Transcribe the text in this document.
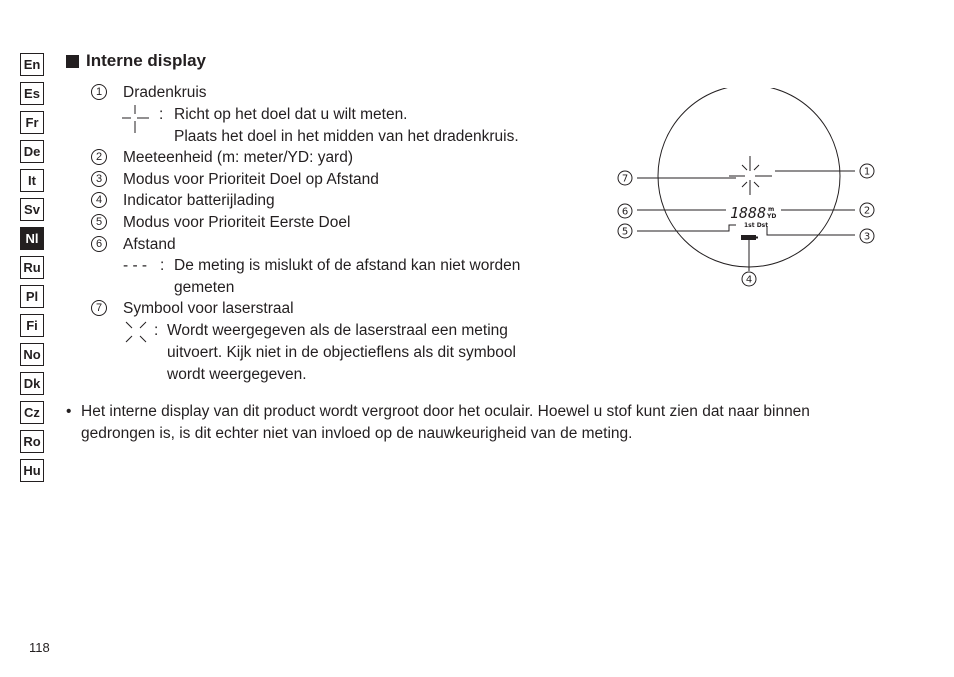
En
Es
Fr
De
It
Sv
Nl
Ru
Pl
Fi
No
Dk
Cz
Ro
Hu
Interne display
1	Dradenkruis
: Richt op het doel dat u wilt meten.
Plaats het doel in het midden van het dradenkruis.
2	Meeteenheid (m: meter/YD: yard)
3	Modus voor Prioriteit Doel op Afstand
4	Indicator batterijlading
5	Modus voor Prioriteit Eerste Doel
6	Afstand
- - - : De meting is mislukt of de afstand kan niet worden
gemeten
7	Symbool voor laserstraal
: Wordt weergegeven als de laserstraal een meting
uitvoert. Kijk niet in de objectieflens als dit symbool
wordt weergegeven.
• Het interne display van dit product wordt vergroot door het oculair. Hoewel u stof kunt zien dat naar binnen gedrongen is, is dit echter niet van invloed op de nauwkeurigheid van de meting.
1888 m
YD
1st Dst
1
2
3
4
5
6
7
118
